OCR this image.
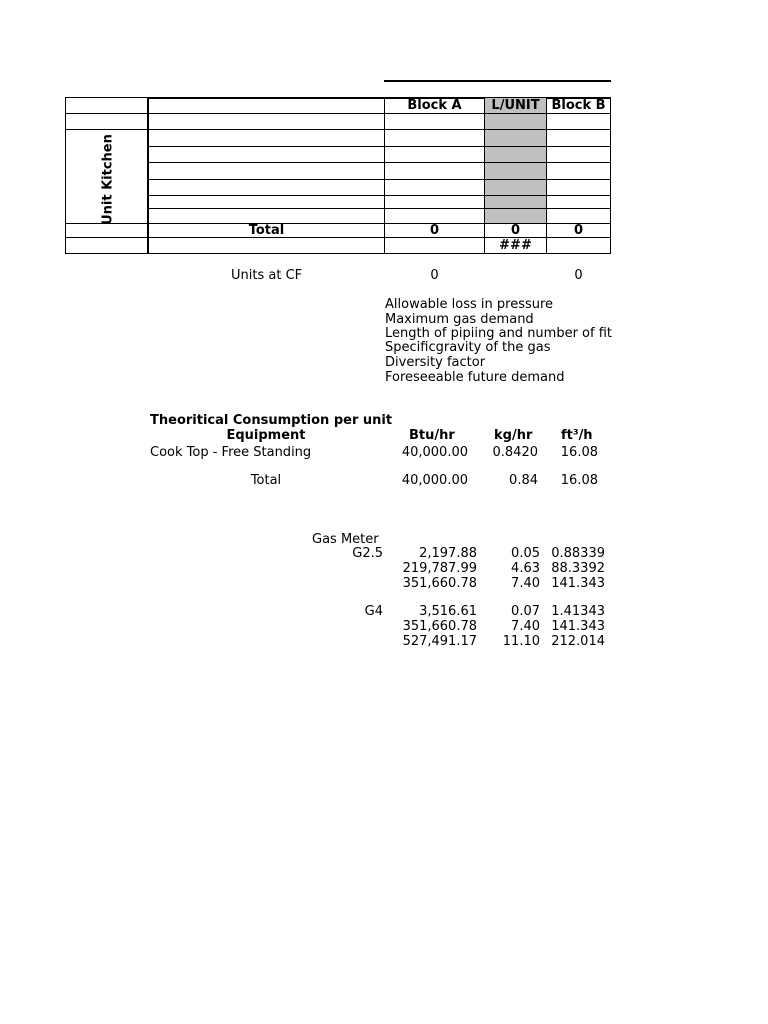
Block A	L/UNIT Block B
Unit Kitchen
Total	0	0	0
###
Units at CF	0	0
Allowable loss in pressure
Maximum gas demand
Length of pipiing and number of fit
Specificgravity of the gas
Diversity factor
Foreseeable future demand
Theoritical Consumption per unit
Equipment	Btu/hr	kg/hr ft³/h
Cook Top - Free Standing	40,000.00	0.8420	16.08
Total	40,000.00	0.84	16.08
Gas Meter
G2.5	2,197.88	0.05 0.88339
219,787.99	4.63 88.3392
351,660.78	7.40 141.343
G4	3,516.61	0.07 1.41343
351,660.78	7.40 141.343
527,491.17	11.10 212.014
